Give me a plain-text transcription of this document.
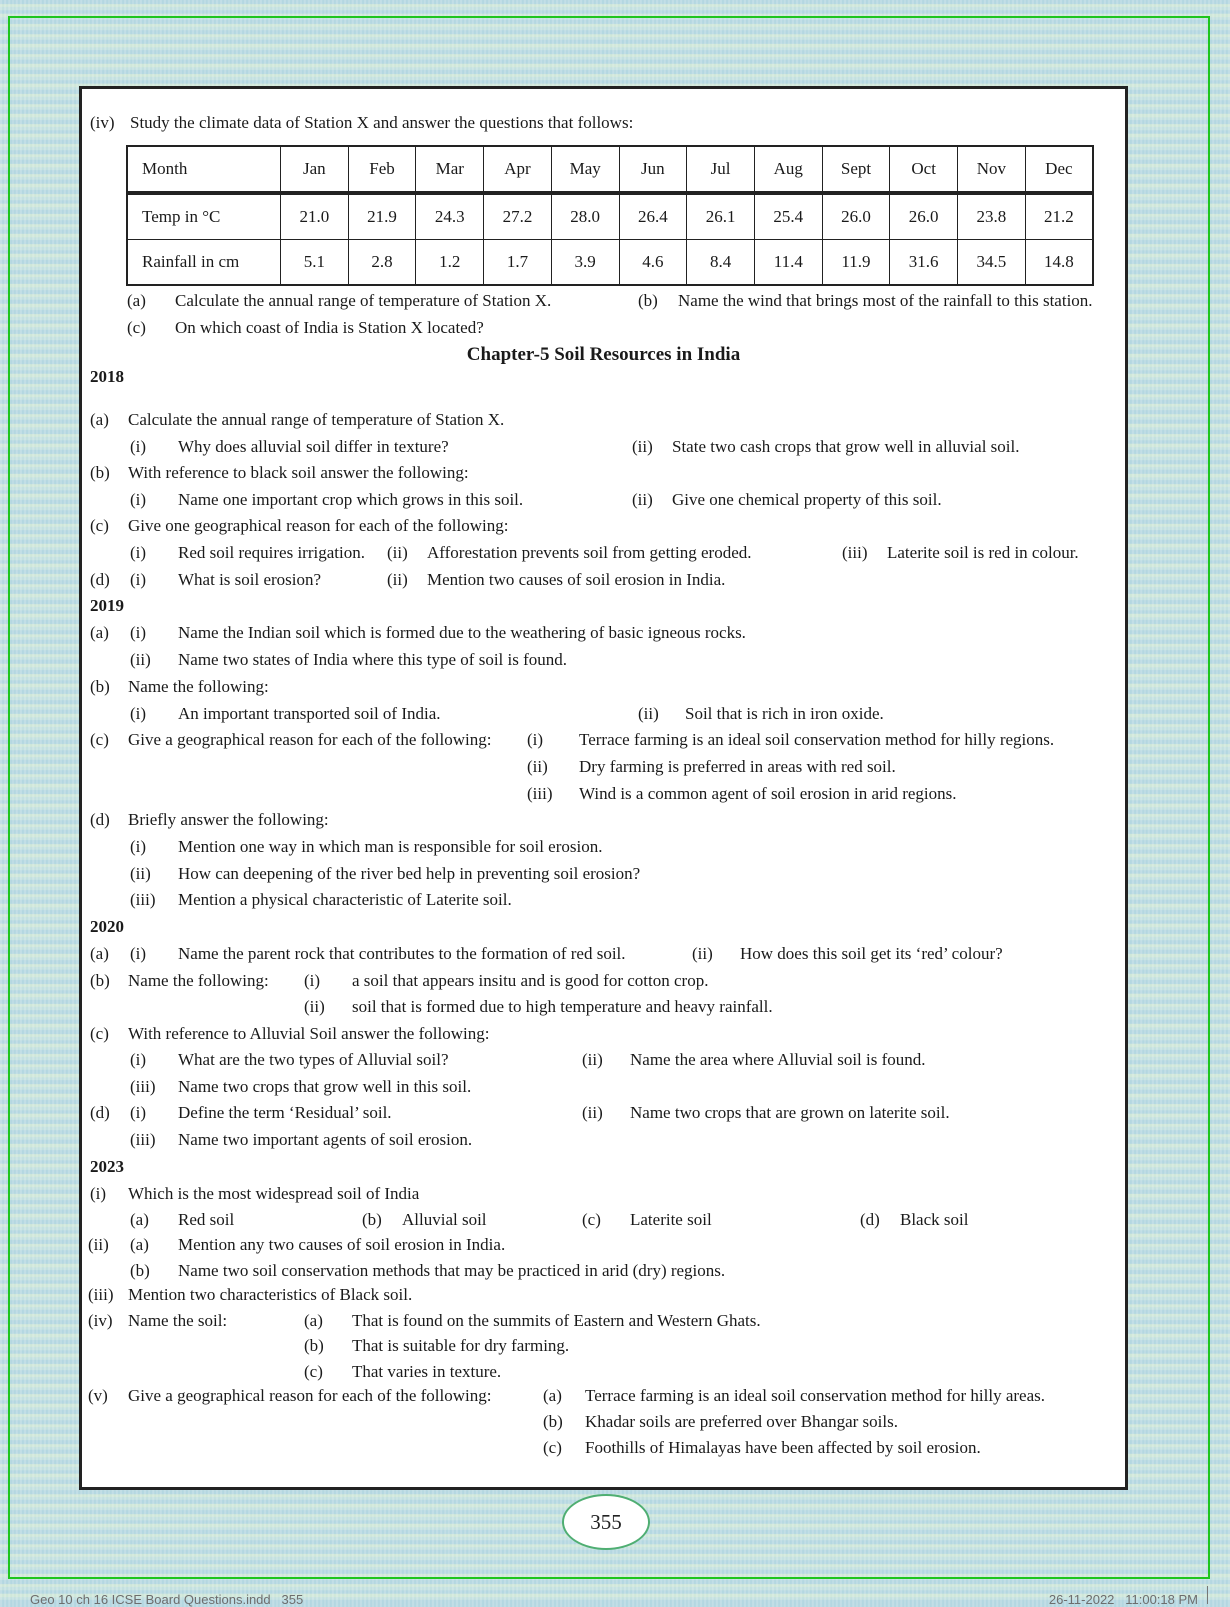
(iv) Study the climate data of Station X and answer the questions that follows:
Month	Jan	Feb	Mar	Apr	May	Jun	Jul	Aug	Sept	Oct	Nov	Dec
Temp in °C	21.0	21.9	24.3	27.2	28.0	26.4	26.1	25.4	26.0	26.0	23.8	21.2
Rainfall in cm	5.1	2.8	1.2	1.7	3.9	4.6	8.4	11.4	11.9	31.6	34.5	14.8
(a) Calculate the annual range of temperature of Station X.	(b) Name the wind that brings most of the rainfall to this station.
(c) On which coast of India is Station X located?
Chapter-5 Soil Resources in India
2018
(a) Calculate the annual range of temperature of Station X.
(i) Why does alluvial soil differ in texture?	(ii) State two cash crops that grow well in alluvial soil.
(b) With reference to black soil answer the following:
(i) Name one important crop which grows in this soil.	(ii) Give one chemical property of this soil.
(c) Give one geographical reason for each of the following:
(i) Red soil requires irrigation. (ii) Afforestation prevents soil from getting eroded.	(iii) Laterite soil is red in colour.
(d) (i) What is soil erosion?	(ii) Mention two causes of soil erosion in India.
2019
(a) (i) Name the Indian soil which is formed due to the weathering of basic igneous rocks.
(ii) Name two states of India where this type of soil is found.
(b) Name the following:
(i) An important transported soil of India.	(ii) Soil that is rich in iron oxide.
(c) Give a geographical reason for each of the following: (i) Terrace farming is an ideal soil conservation method for hilly regions.
(ii) Dry farming is preferred in areas with red soil.
(iii) Wind is a common agent of soil erosion in arid regions.
(d) Briefly answer the following:
(i) Mention one way in which man is responsible for soil erosion.
(ii) How can deepening of the river bed help in preventing soil erosion?
(iii) Mention a physical characteristic of Laterite soil.
2020
(a) (i) Name the parent rock that contributes to the formation of red soil.	(ii) How does this soil get its ‘red’ colour?
(b) Name the following: (i) a soil that appears insitu and is good for cotton crop.
(ii) soil that is formed due to high temperature and heavy rainfall.
(c) With reference to Alluvial Soil answer the following:
(i) What are the two types of Alluvial soil?	(ii) Name the area where Alluvial soil is found.
(iii) Name two crops that grow well in this soil.
(d) (i) Define the term ‘Residual’ soil.	(ii) Name two crops that are grown on laterite soil.
(iii) Name two important agents of soil erosion.
2023
(i) Which is the most widespread soil of India
(a) Red soil	(b) Alluvial soil	(c) Laterite soil	(d) Black soil
(ii) (a) Mention any two causes of soil erosion in India.
(b) Name two soil conservation methods that may be practiced in arid (dry) regions.
(iii) Mention two characteristics of Black soil.
(iv) Name the soil:	(a) That is found on the summits of Eastern and Western Ghats.
(b) That is suitable for dry farming.
(c) That varies in texture.
(v) Give a geographical reason for each of the following:	(a) Terrace farming is an ideal soil conservation method for hilly areas.
(b) Khadar soils are preferred over Bhangar soils.
(c) Foothills of Himalayas have been affected by soil erosion.
355
Geo 10 ch 16 ICSE Board Questions.indd   355	26-11-2022   11:00:18 PM
